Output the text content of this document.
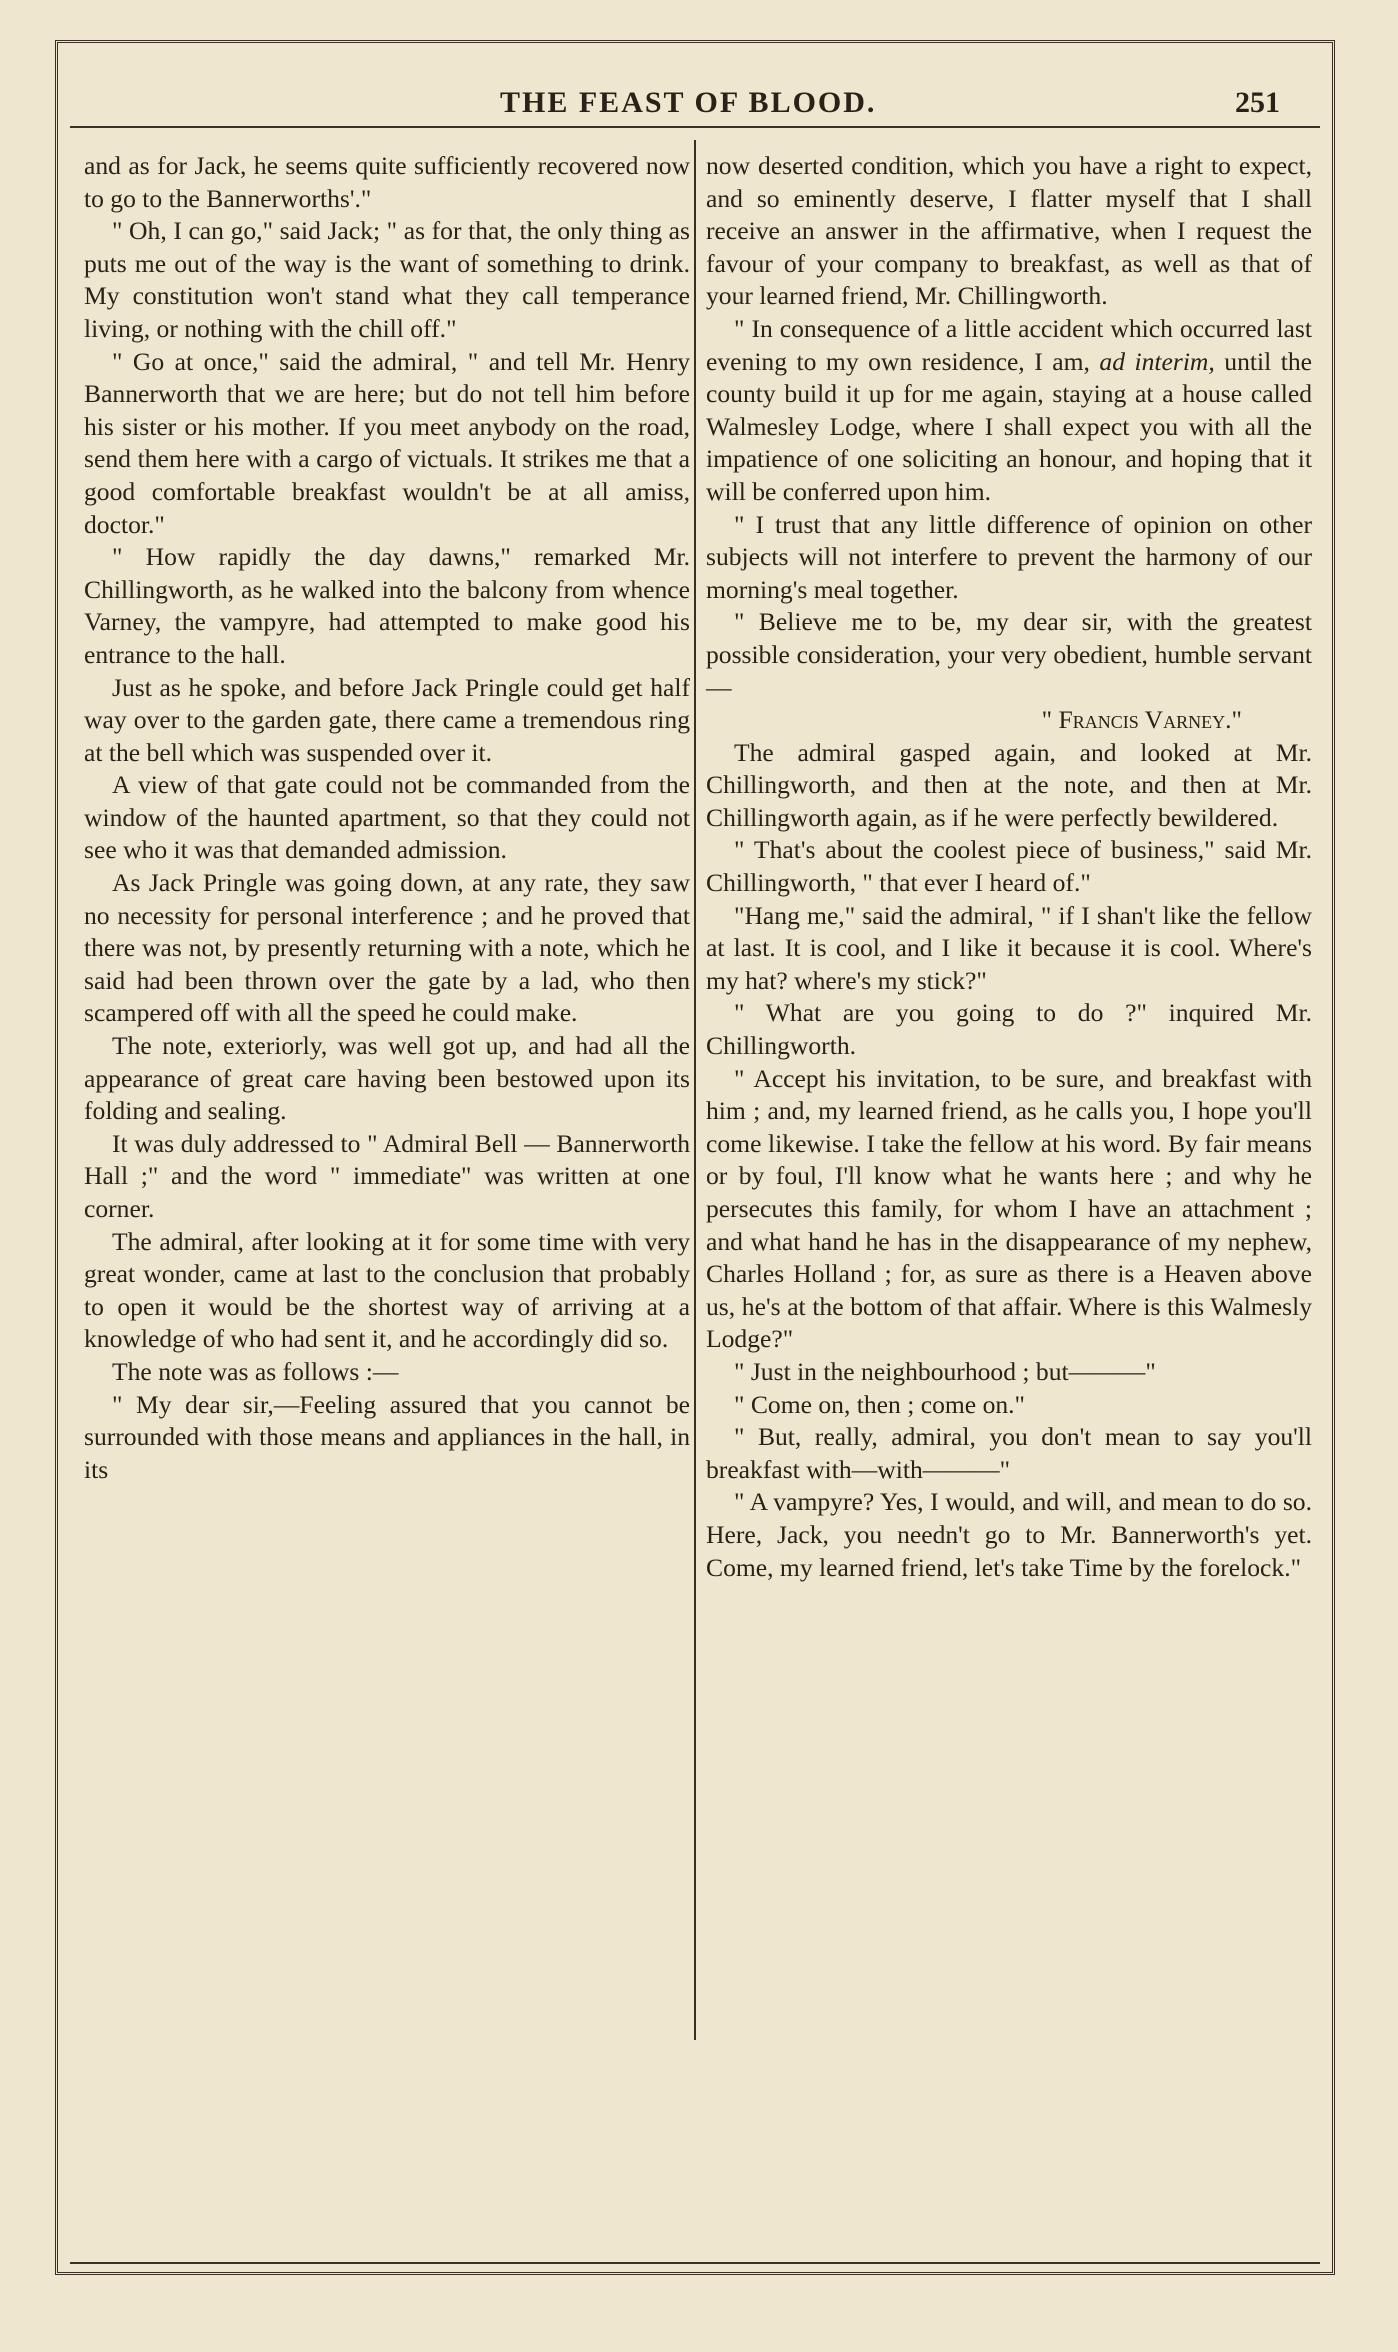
THE FEAST OF BLOOD.	251

and as for Jack, he seems quite sufficiently recovered now to go to the Bannerworths'."

" Oh, I can go," said Jack; " as for that, the only thing as puts me out of the way is the want of something to drink. My constitution won't stand what they call temperance living, or nothing with the chill off."

" Go at once," said the admiral, " and tell Mr. Henry Bannerworth that we are here; but do not tell him before his sister or his mother. If you meet anybody on the road, send them here with a cargo of victuals. It strikes me that a good comfortable breakfast wouldn't be at all amiss, doctor."

" How rapidly the day dawns," remarked Mr. Chillingworth, as he walked into the balcony from whence Varney, the vampyre, had attempted to make good his entrance to the hall.

Just as he spoke, and before Jack Pringle could get half way over to the garden gate, there came a tremendous ring at the bell which was suspended over it.

A view of that gate could not be commanded from the window of the haunted apartment, so that they could not see who it was that demanded admission.

As Jack Pringle was going down, at any rate, they saw no necessity for personal interference ; and he proved that there was not, by presently returning with a note, which he said had been thrown over the gate by a lad, who then scampered off with all the speed he could make.

The note, exteriorly, was well got up, and had all the appearance of great care having been bestowed upon its folding and sealing.

It was duly addressed to " Admiral Bell — Bannerworth Hall ;" and the word " immediate" was written at one corner.

The admiral, after looking at it for some time with very great wonder, came at last to the conclusion that probably to open it would be the shortest way of arriving at a knowledge of who had sent it, and he accordingly did so.

The note was as follows :—

" My dear sir,—Feeling assured that you cannot be surrounded with those means and appliances in the hall, in its

now deserted condition, which you have a right to expect, and so eminently deserve, I flatter myself that I shall receive an answer in the affirmative, when I request the favour of your company to breakfast, as well as that of your learned friend, Mr. Chillingworth.

" In consequence of a little accident which occurred last evening to my own residence, I am, ad interim, until the county build it up for me again, staying at a house called Walmesley Lodge, where I shall expect you with all the impatience of one soliciting an honour, and hoping that it will be conferred upon him.

" I trust that any little difference of opinion on other subjects will not interfere to prevent the harmony of our morning's meal together.

" Believe me to be, my dear sir, with the greatest possible consideration, your very obedient, humble servant—

" Francis Varney."

The admiral gasped again, and looked at Mr. Chillingworth, and then at the note, and then at Mr. Chillingworth again, as if he were perfectly bewildered.

" That's about the coolest piece of business," said Mr. Chillingworth, " that ever I heard of."

"Hang me," said the admiral, " if I shan't like the fellow at last. It is cool, and I like it because it is cool. Where's my hat? where's my stick?"

" What are you going to do ?" inquired Mr. Chillingworth.

" Accept his invitation, to be sure, and breakfast with him ; and, my learned friend, as he calls you, I hope you'll come likewise. I take the fellow at his word. By fair means or by foul, I'll know what he wants here ; and why he persecutes this family, for whom I have an attachment ; and what hand he has in the disappearance of my nephew, Charles Holland ; for, as sure as there is a Heaven above us, he's at the bottom of that affair. Where is this Walmesly Lodge?"

" Just in the neighbourhood ; but———"

" Come on, then ; come on."

" But, really, admiral, you don't mean to say you'll breakfast with—with———"

" A vampyre? Yes, I would, and will, and mean to do so. Here, Jack, you needn't go to Mr. Bannerworth's yet. Come, my learned friend, let's take Time by the forelock."
